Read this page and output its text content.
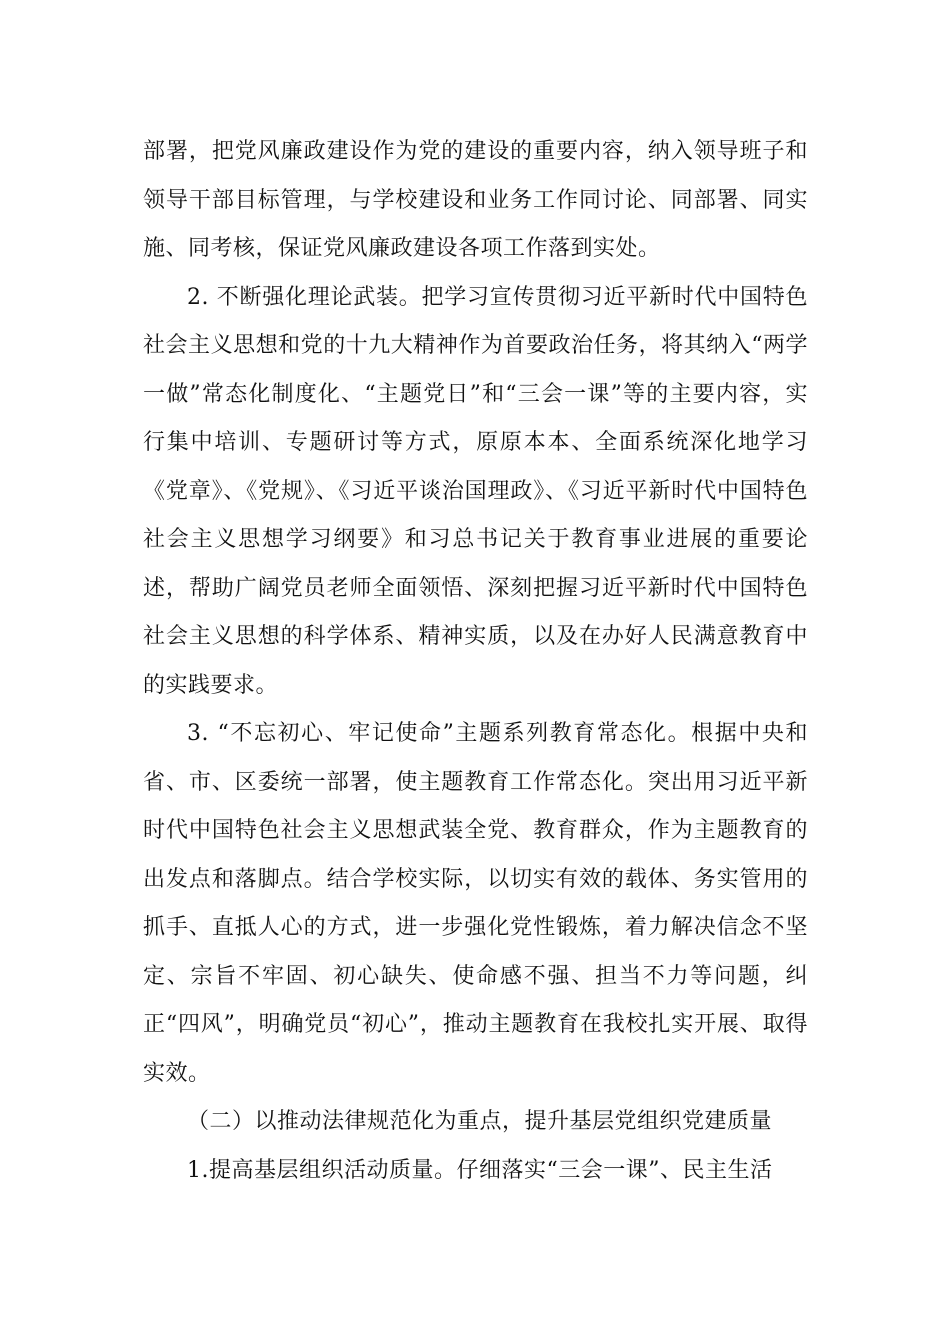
部署，把党风廉政建设作为党的建设的重要内容，纳入领导班子和领导干部目标管理，与学校建设和业务工作同讨论、同部署、同实施、同考核，保证党风廉政建设各项工作落到实处。

2. 不断强化理论武装。把学习宣传贯彻习近平新时代中国特色社会主义思想和党的十九大精神作为首要政治任务，将其纳入“两学一做”常态化制度化、“主题党日”和“三会一课”等的主要内容，实行集中培训、专题研讨等方式，原原本本、全面系统深化地学习《党章》、《党规》、《习近平谈治国理政》、《习近平新时代中国特色社会主义思想学习纲要》和习总书记关于教育事业进展的重要论述，帮助广阔党员老师全面领悟、深刻把握习近平新时代中国特色社会主义思想的科学体系、精神实质，以及在办好人民满意教育中的实践要求。

3. “不忘初心、牢记使命”主题系列教育常态化。根据中央和省、市、区委统一部署，使主题教育工作常态化。突出用习近平新时代中国特色社会主义思想武装全党、教育群众，作为主题教育的出发点和落脚点。结合学校实际，以切实有效的载体、务实管用的抓手、直抵人心的方式，进一步强化党性锻炼，着力解决信念不坚定、宗旨不牢固、初心缺失、使命感不强、担当不力等问题，纠正“四风”，明确党员“初心”，推动主题教育在我校扎实开展、取得实效。

（二）以推动法律规范化为重点，提升基层党组织党建质量

1.提高基层组织活动质量。仔细落实“三会一课”、民主生活
